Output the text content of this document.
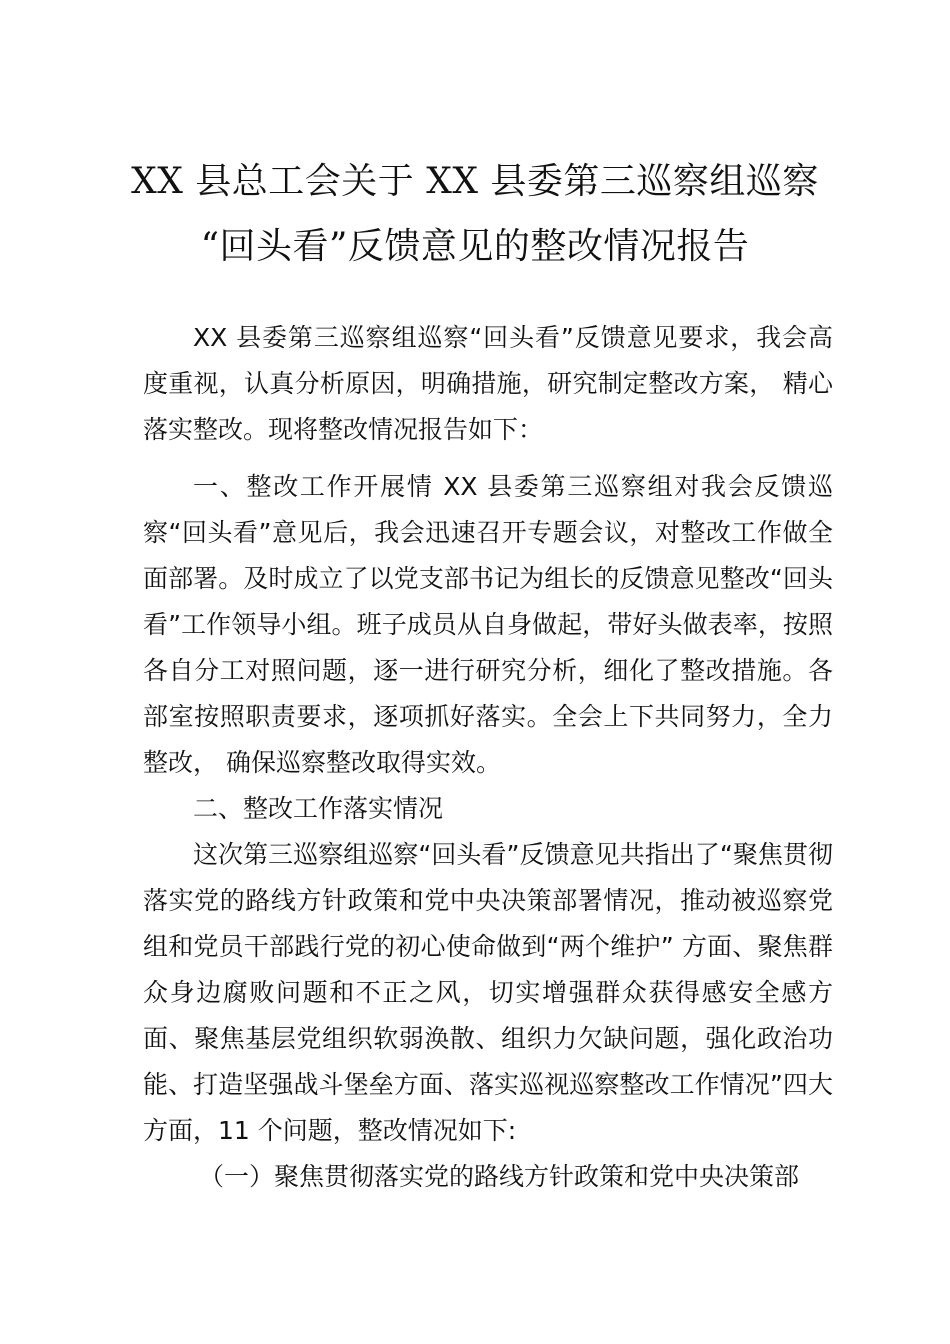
XX 县总工会关于 XX 县委第三巡察组巡察
“回头看”反馈意见的整改情况报告

XX 县委第三巡察组巡察“回头看”反馈意见要求，我会高度重视，认真分析原因，明确措施，研究制定整改方案， 精心落实整改。现将整改情况报告如下：

一、整改工作开展情 XX 县委第三巡察组对我会反馈巡察“回头看”意见后，我会迅速召开专题会议，对整改工作做全面部署。及时成立了以党支部书记为组长的反馈意见整改“回头看”工作领导小组。班子成员从自身做起，带好头做表率，按照各自分工对照问题，逐一进行研究分析，细化了整改措施。各部室按照职责要求，逐项抓好落实。全会上下共同努力，全力整改， 确保巡察整改取得实效。

二、整改工作落实情况

这次第三巡察组巡察“回头看”反馈意见共指出了“聚焦贯彻落实党的路线方针政策和党中央决策部署情况，推动被巡察党组和党员干部践行党的初心使命做到“两个维护” 方面、聚焦群众身边腐败问题和不正之风，切实增强群众获得感安全感方面、聚焦基层党组织软弱涣散、组织力欠缺问题，强化政治功能、打造坚强战斗堡垒方面、落实巡视巡察整改工作情况”四大方面，11 个问题，整改情况如下:

（一）聚焦贯彻落实党的路线方针政策和党中央决策部
